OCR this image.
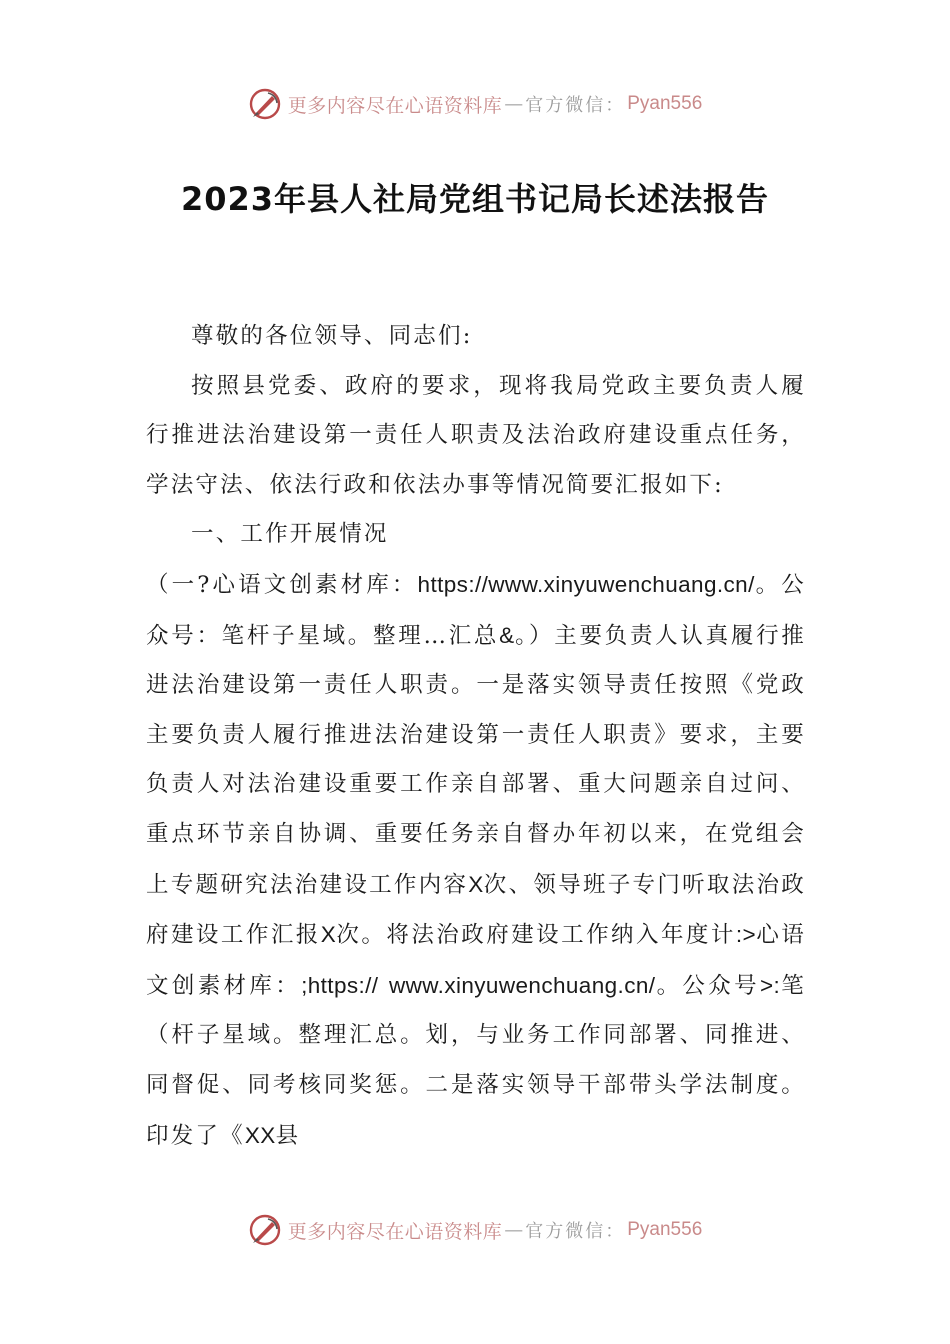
更多内容尽在心语资料库 — 官方微信： Pyan556
2023年县人社局党组书记局长述法报告

尊敬的各位领导、同志们:

按照县党委、政府的要求，现将我局党政主要负责人履行推进法治建设第一责任人职责及法治政府建设重点任务，学法守法、依法行政和依法办事等情况简要汇报如下:

一、工作开展情况

（一?心语文创素材库：https://www.xinyuwenchuang.cn/。公众号：笔杆子星域。整理…汇总&。）主要负责人认真履行推进法治建设第一责任人职责。一是落实领导责任按照《党政主要负责人履行推进法治建设第一责任人职责》要求，主要负责人对法治建设重要工作亲自部署、重大问题亲自过问、重点环节亲自协调、重要任务亲自督办年初以来，在党组会上专题研究法治建设工作内容X次、领导班子专门听取法治政府建设工作汇报X次。将法治政府建设工作纳入年度计:>心语文创素材库：;https:// www.xinyuwenchuang.cn/。公众号>:笔（杆子星域。整理汇总。划，与业务工作同部署、同推进、同督促、同考核同奖惩。二是落实领导干部带头学法制度。印发了《XX县

更多内容尽在心语资料库 — 官方微信： Pyan556
